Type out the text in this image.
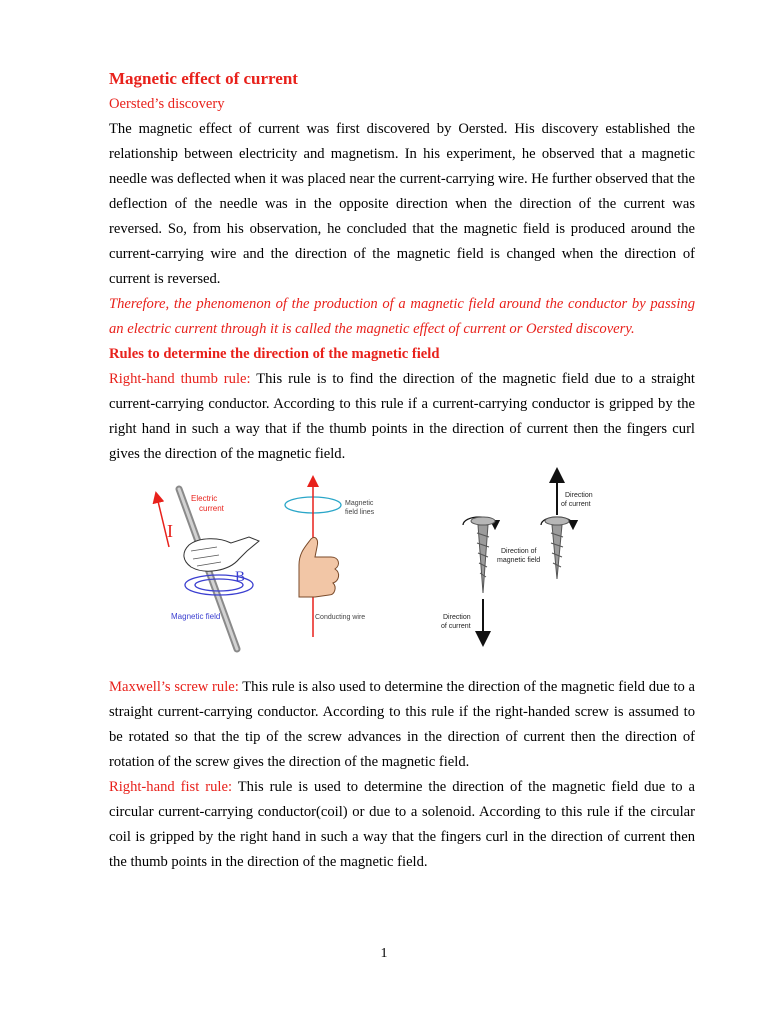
Magnetic effect of current
Oersted’s discovery

The magnetic effect of current was first discovered by Oersted. His discovery established the relationship between electricity and magnetism. In his experiment, he observed that a magnetic needle was deflected when it was placed near the current-carrying wire. He further observed that the deflection of the needle was in the opposite direction when the direction of the current was reversed. So, from his observation, he concluded that the magnetic field is produced around the current-carrying wire and the direction of the magnetic field is changed when the direction of current is reversed.

Therefore, the phenomenon of the production of a magnetic field around the conductor by passing an electric current through it is called the magnetic effect of current or Oersted discovery.

Rules to determine the direction of the magnetic field

Right-hand thumb rule: This rule is to find the direction of the magnetic field due to a straight current-carrying conductor. According to this rule if a current-carrying conductor is gripped by the right hand in such a way that if the thumb points in the direction of current then the fingers curl gives the direction of the magnetic field.

Electric
current
I
B
Magnetic field
Magnetic
field lines
Conducting wire
Direction
of current
Direction of
magnetic field
Direction
of current

Maxwell’s screw rule: This rule is also used to determine the direction of the magnetic field due to a straight current-carrying conductor. According to this rule if the right-handed screw is assumed to be rotated so that the tip of the screw advances in the direction of current then the direction of rotation of the screw gives the direction of the magnetic field.

Right-hand fist rule: This rule is used to determine the direction of the magnetic field due to a circular current-carrying conductor(coil) or due to a solenoid. According to this rule if the circular coil is gripped by the right hand in such a way that the fingers curl in the direction of current then the thumb points in the direction of the magnetic field.

1
